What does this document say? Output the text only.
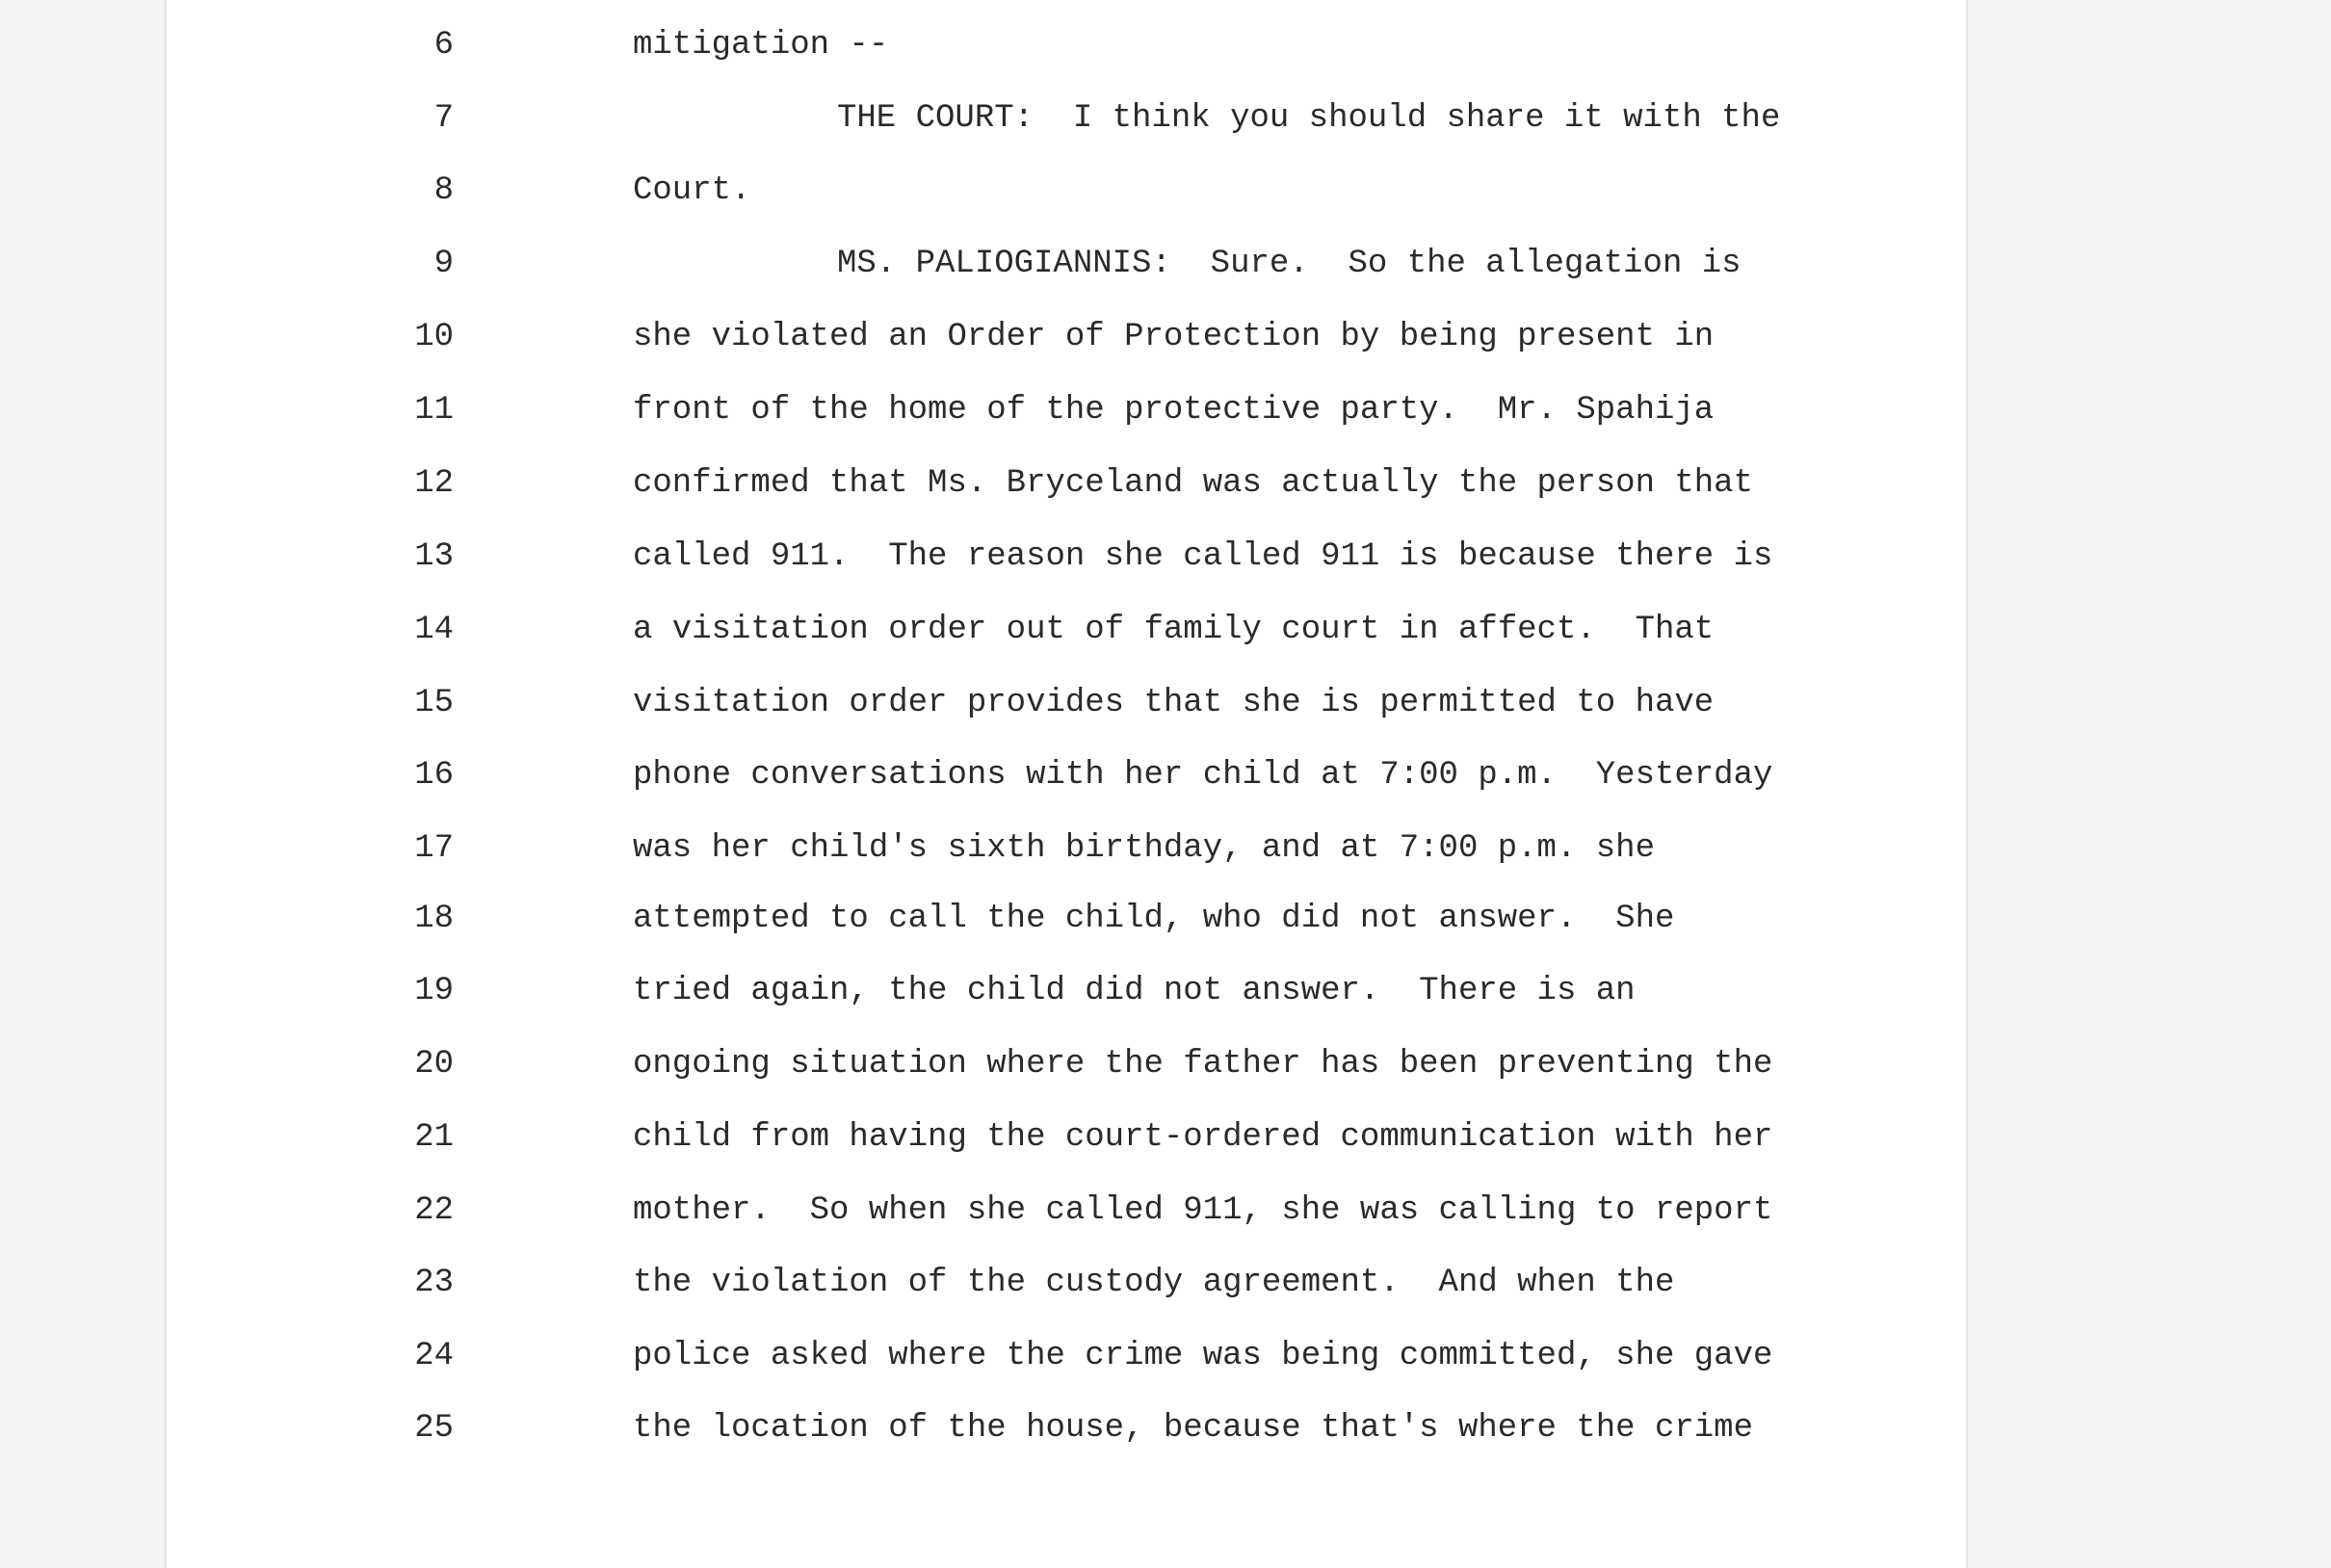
6

	mitigation --

7

	THE COURT:  I think you should share it with the

8

	Court.

9

	MS. PALIOGIANNIS:  Sure.  So the allegation is

10

	she violated an Order of Protection by being present in

11

	front of the home of the protective party.  Mr. Spahija

12

	confirmed that Ms. Bryceland was actually the person that

13

	called 911.  The reason she called 911 is because there is

14

	a visitation order out of family court in affect.  That

15

	visitation order provides that she is permitted to have

16

	phone conversations with her child at 7:00 p.m.  Yesterday

17

	was her child's sixth birthday, and at 7:00 p.m. she

18

	attempted to call the child, who did not answer.  She

19

	tried again, the child did not answer.  There is an

20

	ongoing situation where the father has been preventing the

21

	child from having the court-ordered communication with her

22

	mother.  So when she called 911, she was calling to report

23

	the violation of the custody agreement.  And when the

24

	police asked where the crime was being committed, she gave

25

	the location of the house, because that's where the crime
